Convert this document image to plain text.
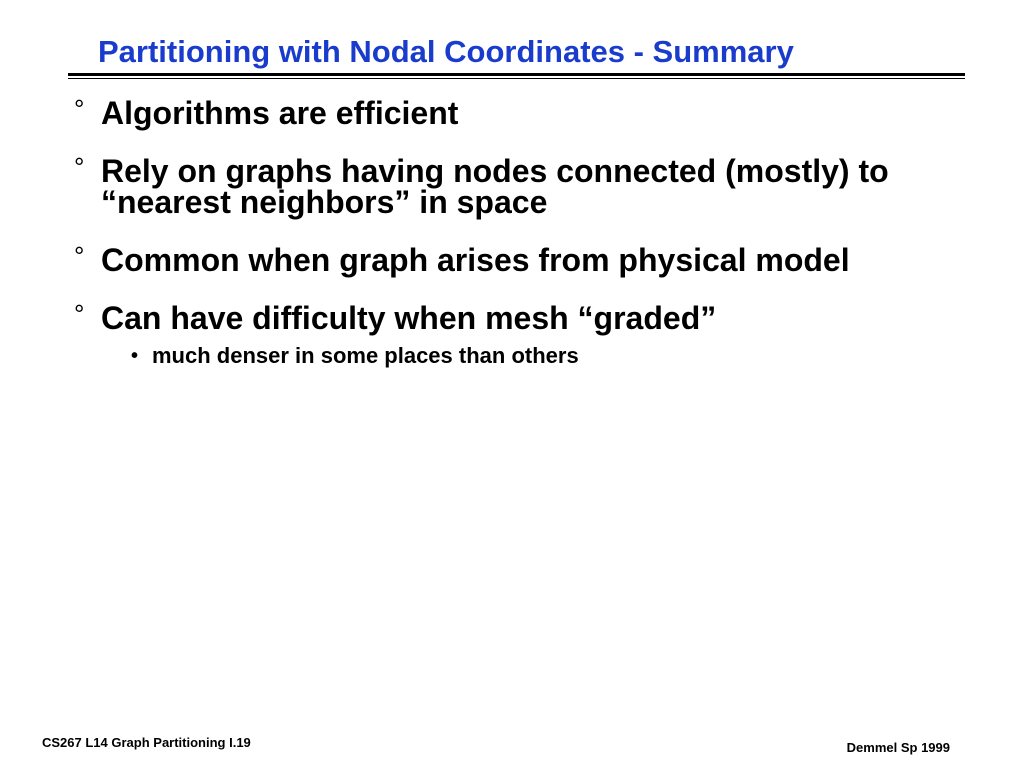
Partitioning with Nodal Coordinates - Summary
° Algorithms are efficient
° Rely on graphs having nodes connected (mostly) to “nearest neighbors” in space
° Common when graph arises from physical model
° Can have difficulty when mesh “graded”
• much denser in some places than others
CS267 L14 Graph Partitioning I.19	Demmel Sp 1999
